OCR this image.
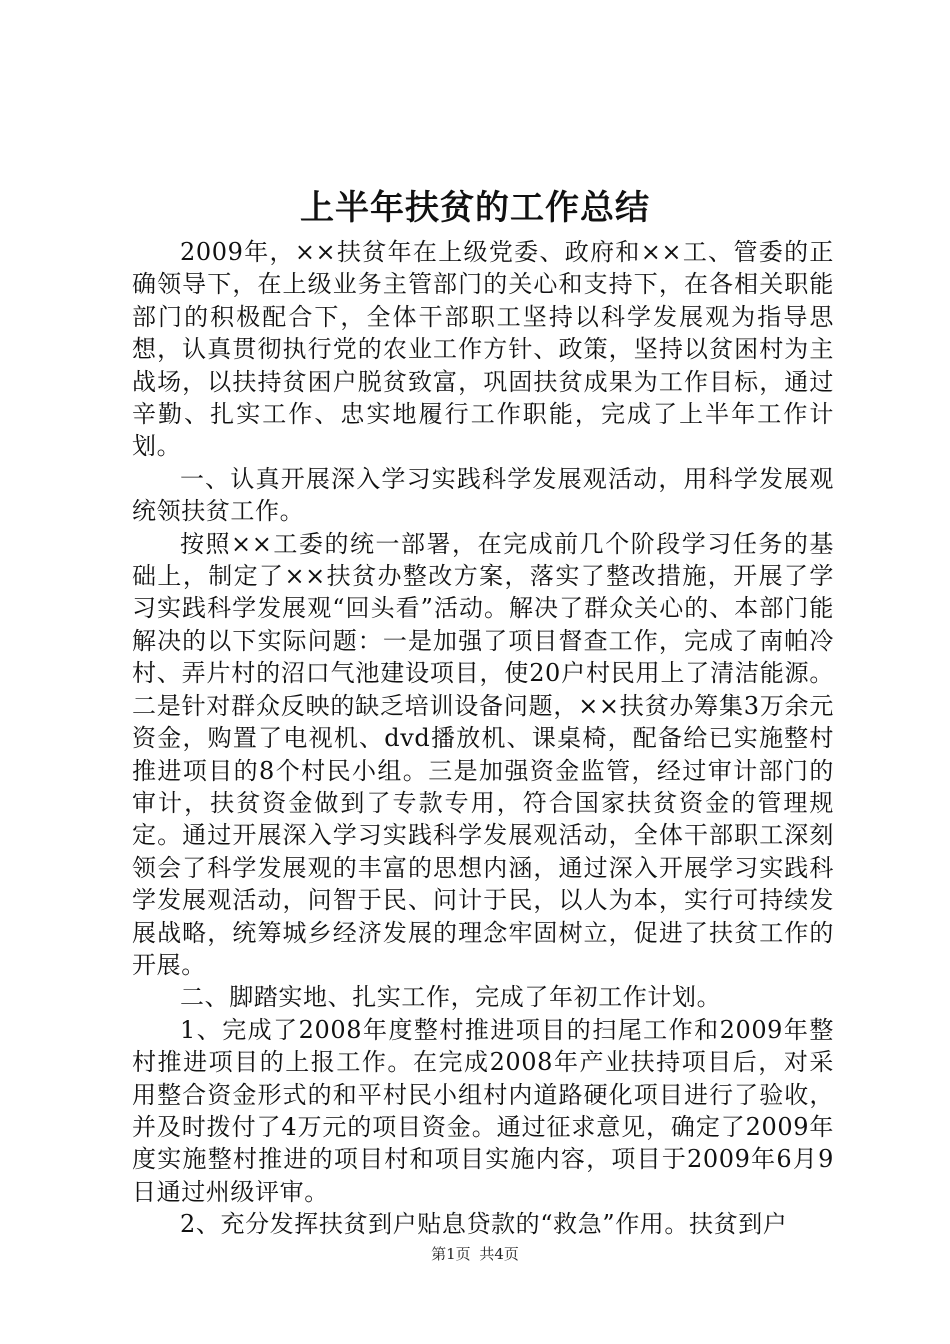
上半年扶贫的工作总结

2009年，××扶贫年在上级党委、政府和××工、管委的正确领导下，在上级业务主管部门的关心和支持下，在各相关职能部门的积极配合下，全体干部职工坚持以科学发展观为指导思想，认真贯彻执行党的农业工作方针、政策，坚持以贫困村为主战场，以扶持贫困户脱贫致富，巩固扶贫成果为工作目标，通过辛勤、扎实工作、忠实地履行工作职能，完成了上半年工作计划。

一、认真开展深入学习实践科学发展观活动，用科学发展观统领扶贫工作。

按照××工委的统一部署，在完成前几个阶段学习任务的基础上，制定了××扶贫办整改方案，落实了整改措施，开展了学习实践科学发展观“回头看”活动。解决了群众关心的、本部门能解决的以下实际问题：一是加强了项目督查工作，完成了南帕冷村、弄片村的沼口气池建设项目，使20户村民用上了清洁能源。二是针对群众反映的缺乏培训设备问题，××扶贫办筹集3万余元资金，购置了电视机、dvd播放机、课桌椅，配备给已实施整村推进项目的8个村民小组。三是加强资金监管，经过审计部门的审计，扶贫资金做到了专款专用，符合国家扶贫资金的管理规定。通过开展深入学习实践科学发展观活动，全体干部职工深刻领会了科学发展观的丰富的思想内涵，通过深入开展学习实践科学发展观活动，问智于民、问计于民，以人为本，实行可持续发展战略，统筹城乡经济发展的理念牢固树立，促进了扶贫工作的开展。

二、脚踏实地、扎实工作，完成了年初工作计划。

1、完成了2008年度整村推进项目的扫尾工作和2009年整村推进项目的上报工作。在完成2008年产业扶持项目后，对采用整合资金形式的和平村民小组村内道路硬化项目进行了验收，并及时拨付了4万元的项目资金。通过征求意见，确定了2009年度实施整村推进的项目村和项目实施内容，项目于2009年6月9日通过州级评审。

2、充分发挥扶贫到户贴息贷款的“救急”作用。扶贫到户

第1页 共4页
